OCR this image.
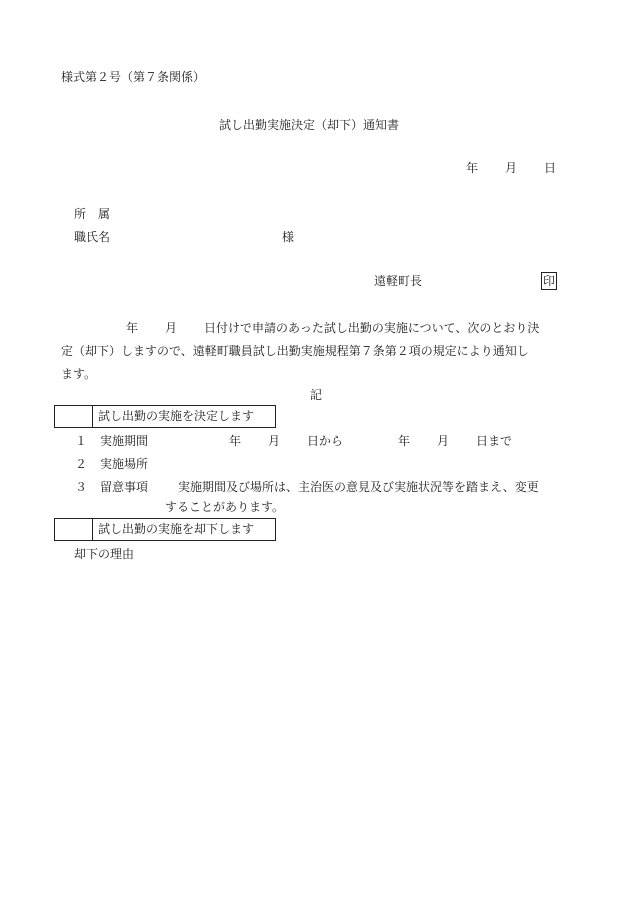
様式第２号（第７条関係）
試し出勤実施決定（却下）通知書
年 月 日
所　属
職氏名	様
遠軽町長	印
年 月 日付けで申請のあった試し出勤の実施について、次のとおり決
定（却下）しますので、遠軽町職員試し出勤実施規程第７条第２項の規定により通知し
ます。
記
試し出勤の実施を決定します
１ 実施期間	年 月 日から	年 月 日まで
２ 実施場所
３ 留意事項 実施期間及び場所は、主治医の意見及び実施状況等を踏まえ、変更
することがあります。
試し出勤の実施を却下します
却下の理由
